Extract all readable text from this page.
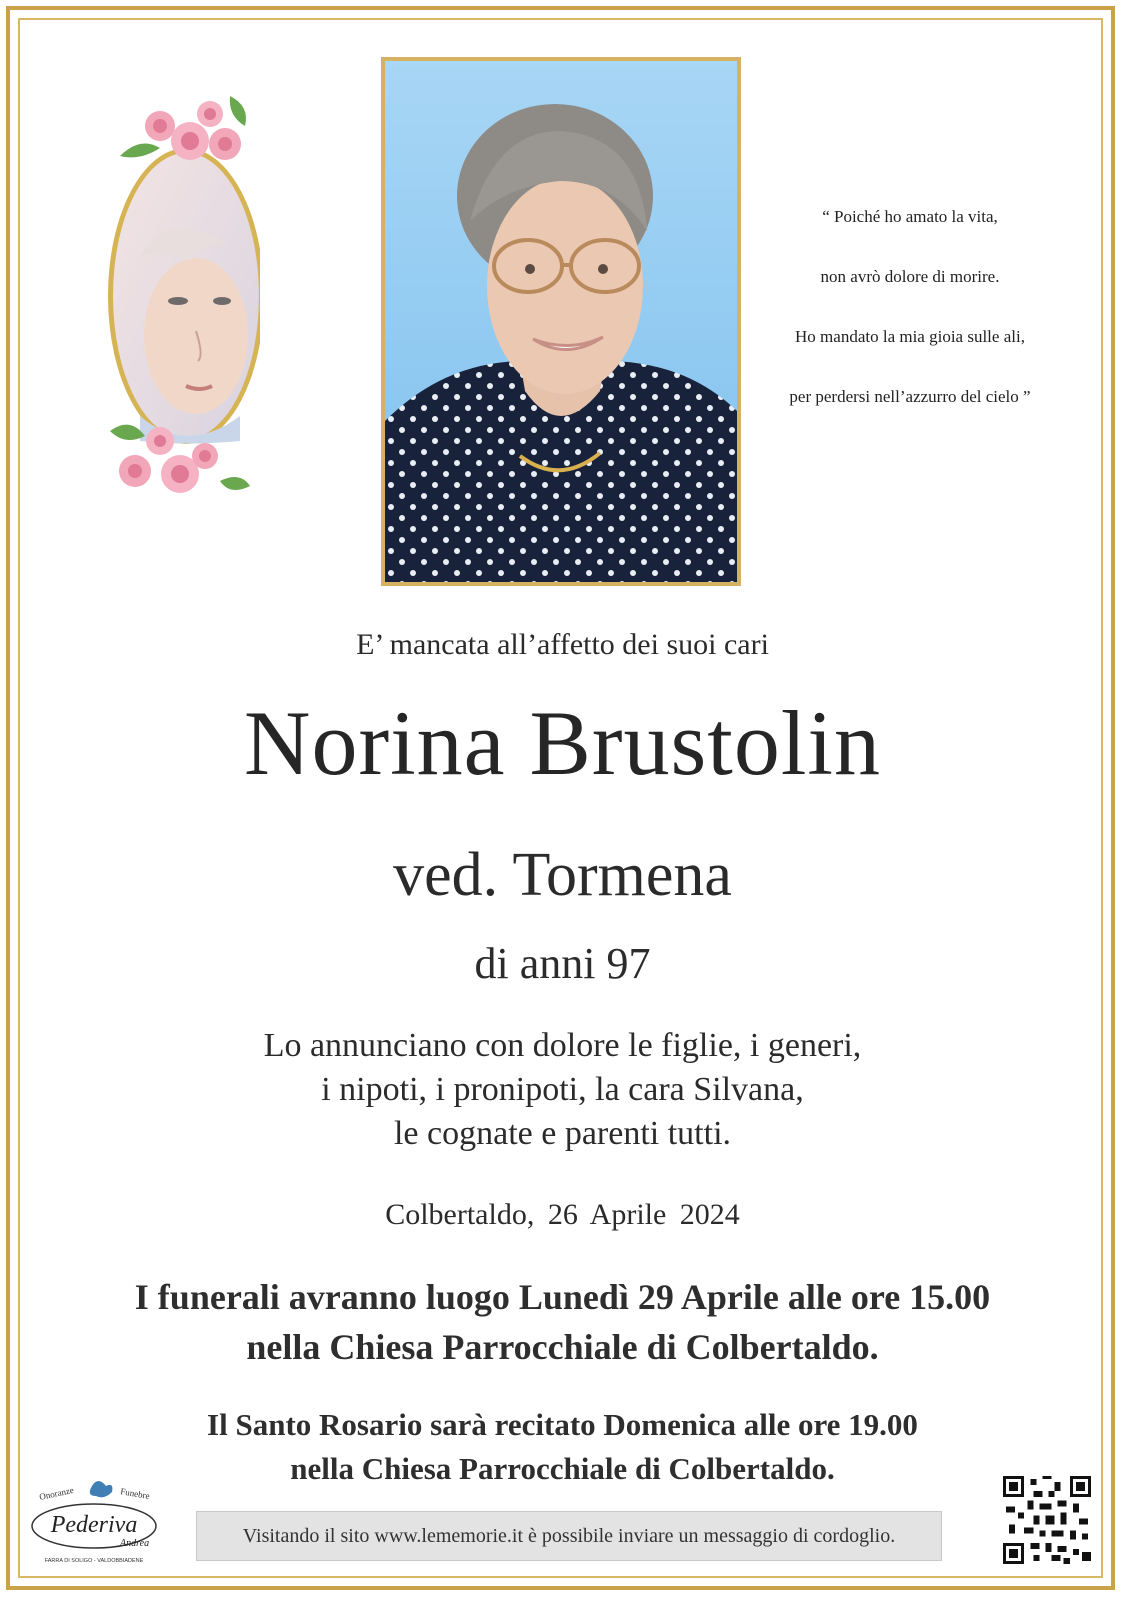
“ Poiché ho amato la vita,
non avrò dolore di morire.
Ho mandato la mia gioia sulle ali,
per perdersi nell’azzurro del cielo ”
E’ mancata all’affetto dei suoi cari
Norina Brustolin
ved. Tormena
di anni 97
Lo annunciano con dolore le figlie, i generi,
i nipoti, i pronipoti, la cara Silvana,
le cognate e parenti tutti.
Colbertaldo, 26 Aprile 2024
I funerali avranno luogo Lunedì 29 Aprile alle ore 15.00
nella Chiesa Parrocchiale di Colbertaldo.
Il Santo Rosario sarà recitato Domenica alle ore 19.00
nella Chiesa Parrocchiale di Colbertaldo.
Onoranze	Funebre
Pederiva
Andrea
FARRA DI SOLIGO - VALDOBBIADENE
Visitando il sito www.lememorie.it è possibile inviare un messaggio di cordoglio.
